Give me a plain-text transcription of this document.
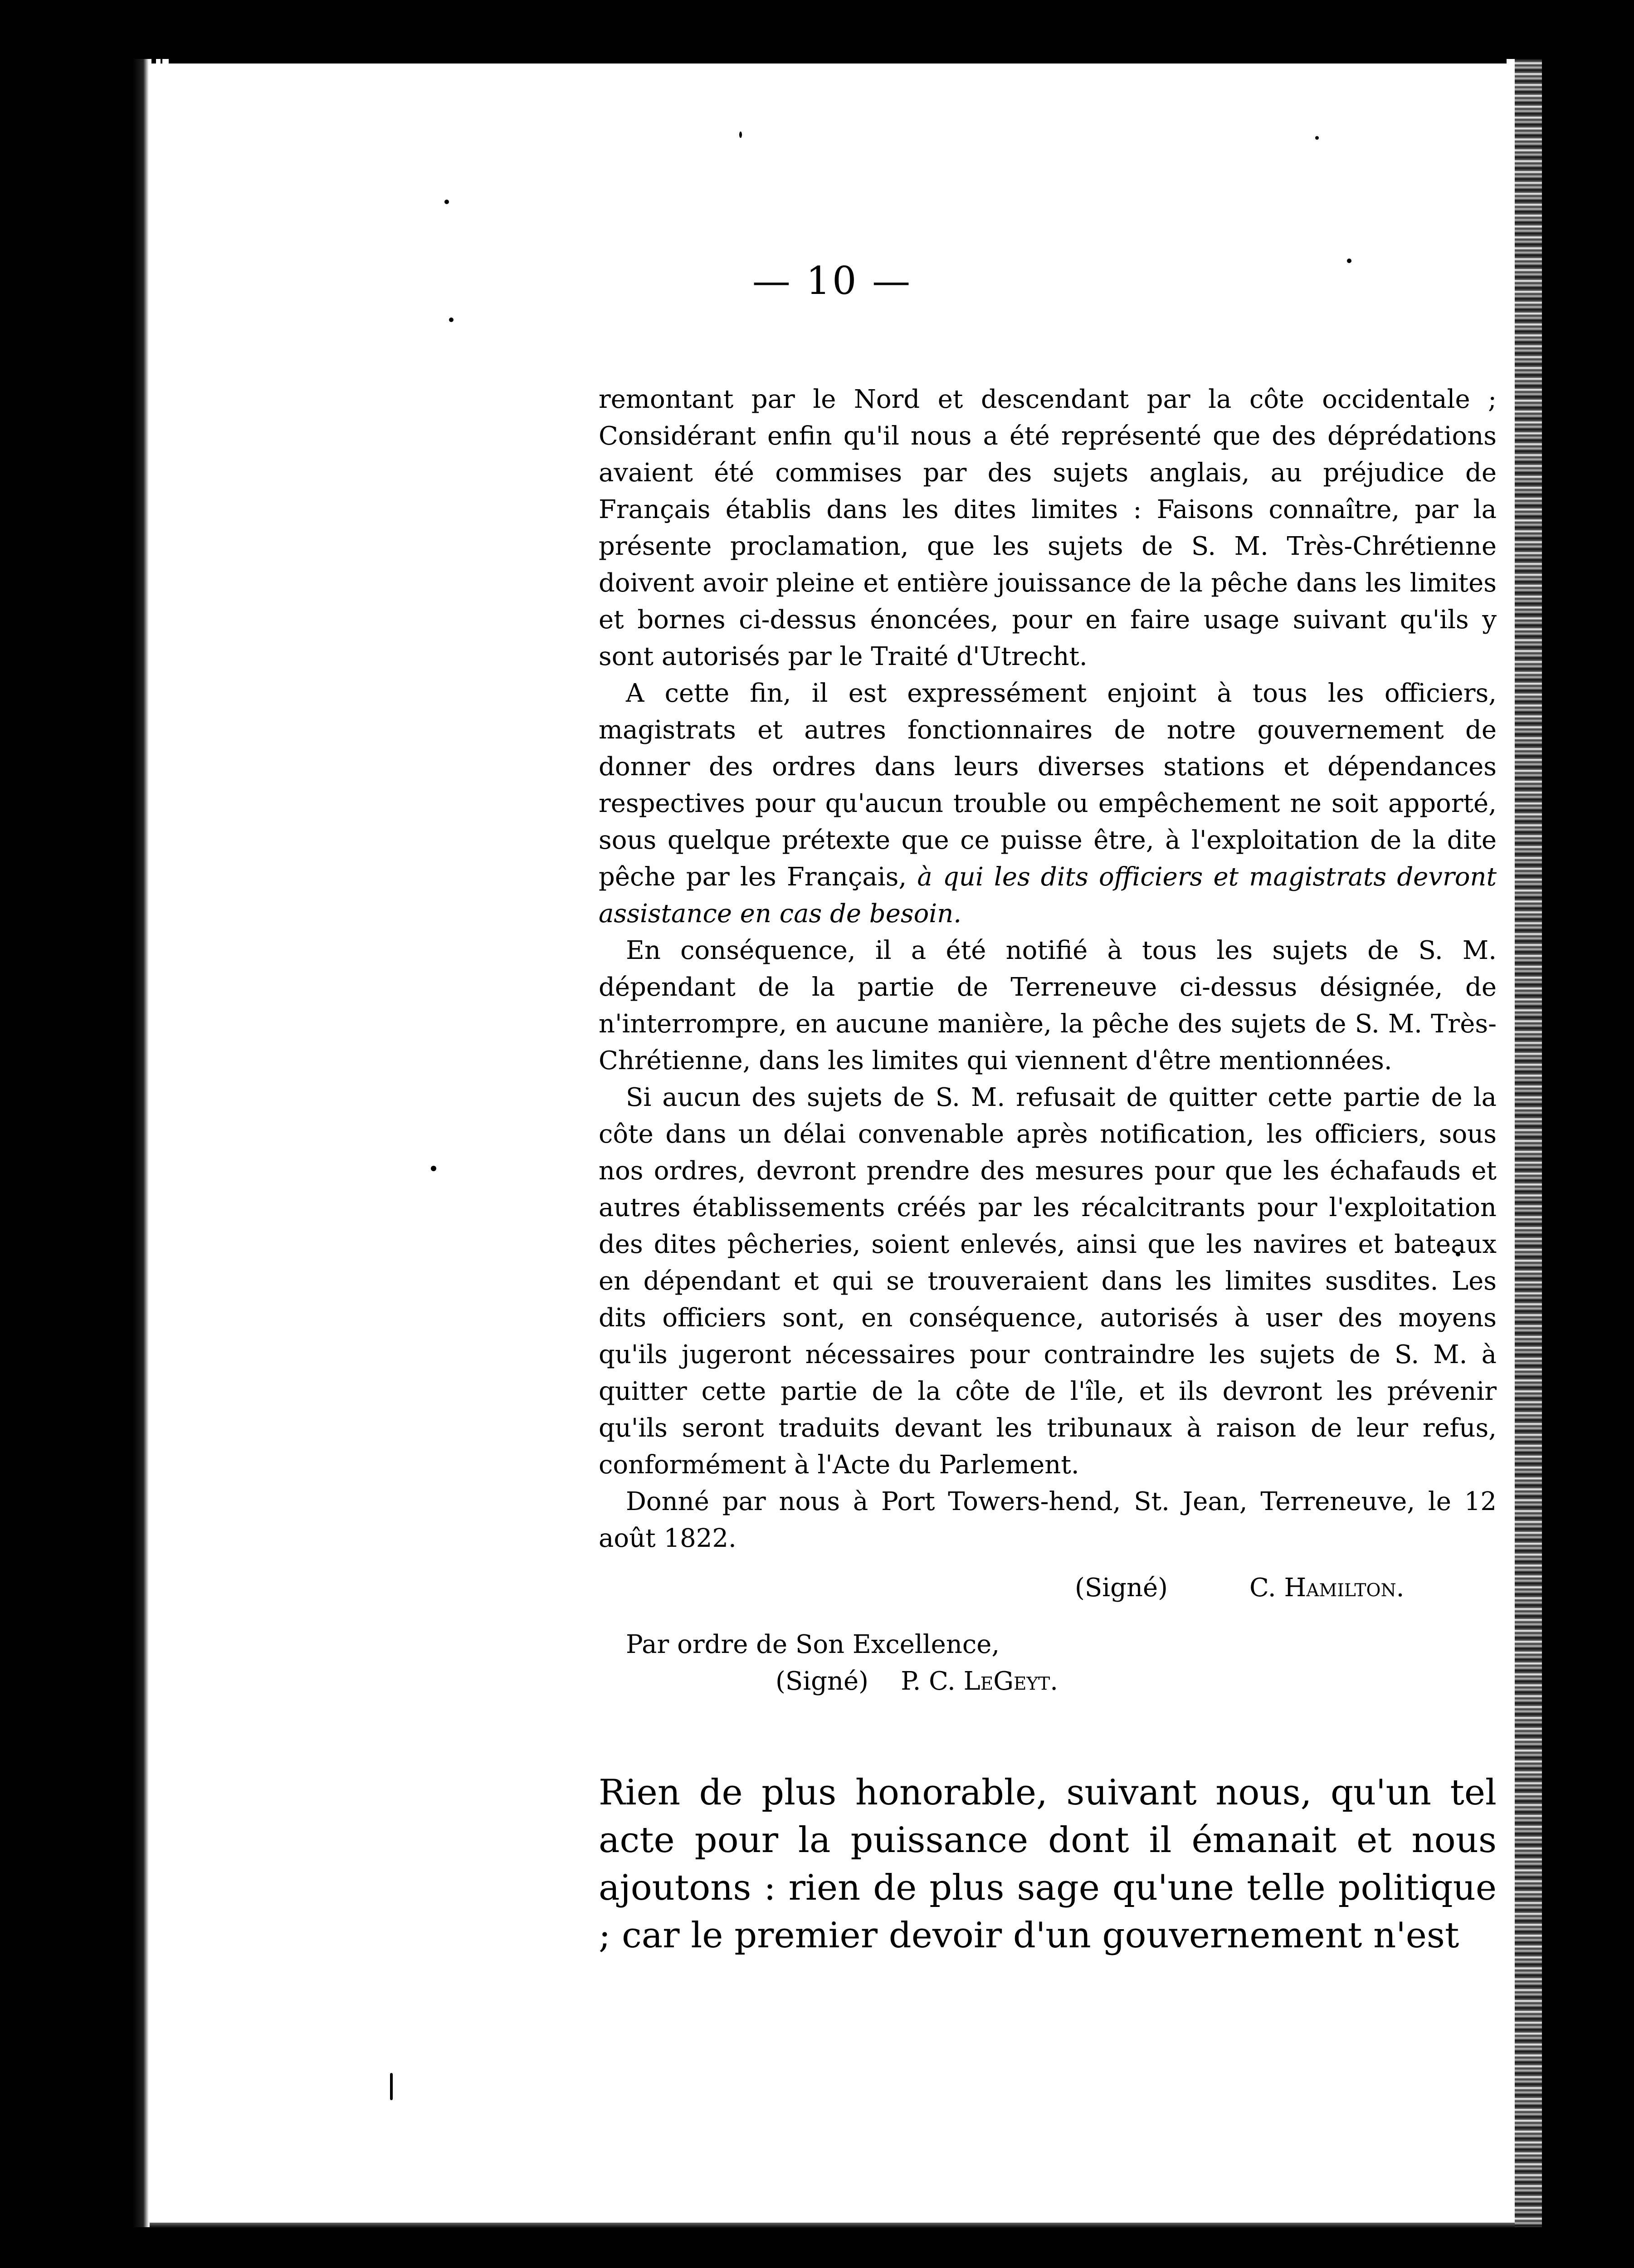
— 10 —

remontant par le Nord et descendant par la côte occidentale ; Considérant enfin qu'il nous a été représenté que des déprédations avaient été commises par des sujets anglais, au préjudice de Français établis dans les dites limites : Faisons connaître, par la présente proclamation, que les sujets de S. M. Très-Chrétienne doivent avoir pleine et entière jouissance de la pêche dans les limites et bornes ci-dessus énoncées, pour en faire usage suivant qu'ils y sont autorisés par le Traité d'Utrecht.

A cette fin, il est expressément enjoint à tous les officiers, magistrats et autres fonctionnaires de notre gouvernement de donner des ordres dans leurs diverses stations et dépendances respectives pour qu'aucun trouble ou empêchement ne soit apporté, sous quelque prétexte que ce puisse être, à l'exploitation de la dite pêche par les Français, à qui les dits officiers et magistrats devront assistance en cas de besoin.

En conséquence, il a été notifié à tous les sujets de S. M. dépendant de la partie de Terreneuve ci-dessus désignée, de n'interrompre, en aucune manière, la pêche des sujets de S. M. Très-Chrétienne, dans les limites qui viennent d'être mentionnées.

Si aucun des sujets de S. M. refusait de quitter cette partie de la côte dans un délai convenable après notification, les officiers, sous nos ordres, devront prendre des mesures pour que les échafauds et autres établissements créés par les récalcitrants pour l'exploitation des dites pêcheries, soient enlevés, ainsi que les navires et bateaux en dépendant et qui se trouveraient dans les limites susdites. Les dits officiers sont, en conséquence, autorisés à user des moyens qu'ils jugeront nécessaires pour contraindre les sujets de S. M. à quitter cette partie de la côte de l'île, et ils devront les prévenir qu'ils seront traduits devant les tribunaux à raison de leur refus, conformément à l'Acte du Parlement.

Donné par nous à Port Towers-hend, St. Jean, Terreneuve, le 12 août 1822.

(Signé)	C. Hamilton.

Par ordre de Son Excellence,

(Signé) P. C. LeGeyt.

Rien de plus honorable, suivant nous, qu'un tel acte pour la puissance dont il émanait et nous ajoutons : rien de plus sage qu'une telle politique ; car le premier devoir d'un gouvernement n'est
